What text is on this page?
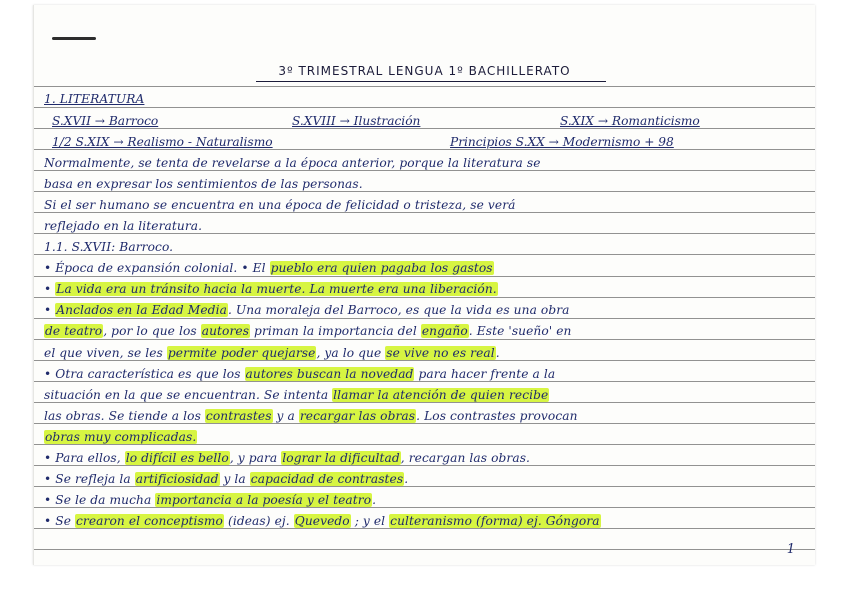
3º TRIMESTRAL LENGUA 1º BACHILLERATO
1. LITERATURA
S.XVII → Barroco	S.XVIII → Ilustración	S.XIX → Romanticismo
1/2 S.XIX → Realismo - Naturalismo	Principios S.XX → Modernismo + 98
Normalmente, se tenta de revelarse a la época anterior, porque la literatura se
basa en expresar los sentimientos de las personas.
Si el ser humano se encuentra en una época de felicidad o tristeza, se verá
reflejado en la literatura.
1.1. S.XVII: Barroco.
• Época de expansión colonial. • El pueblo era quien pagaba los gastos
• La vida era un tránsito hacia la muerte. La muerte era una liberación.
• Anclados en la Edad Media. Una moraleja del Barroco, es que la vida es una obra
de teatro, por lo que los autores priman la importancia del engaño. Este 'sueño' en
el que viven, se les permite poder quejarse, ya lo que se vive no es real.
• Otra característica es que los autores buscan la novedad para hacer frente a la
situación en la que se encuentran. Se intenta llamar la atención de quien recibe
las obras. Se tiende a los contrastes y a recargar las obras. Los contrastes provocan
obras muy complicadas.
• Para ellos, lo difícil es bello, y para lograr la dificultad, recargan las obras.
• Se refleja la artificiosidad y la capacidad de contrastes.
• Se le da mucha importancia a la poesía y el teatro.
• Se crearon el conceptismo (ideas) ej. Quevedo ; y el culteranismo (forma) ej. Góngora
1
